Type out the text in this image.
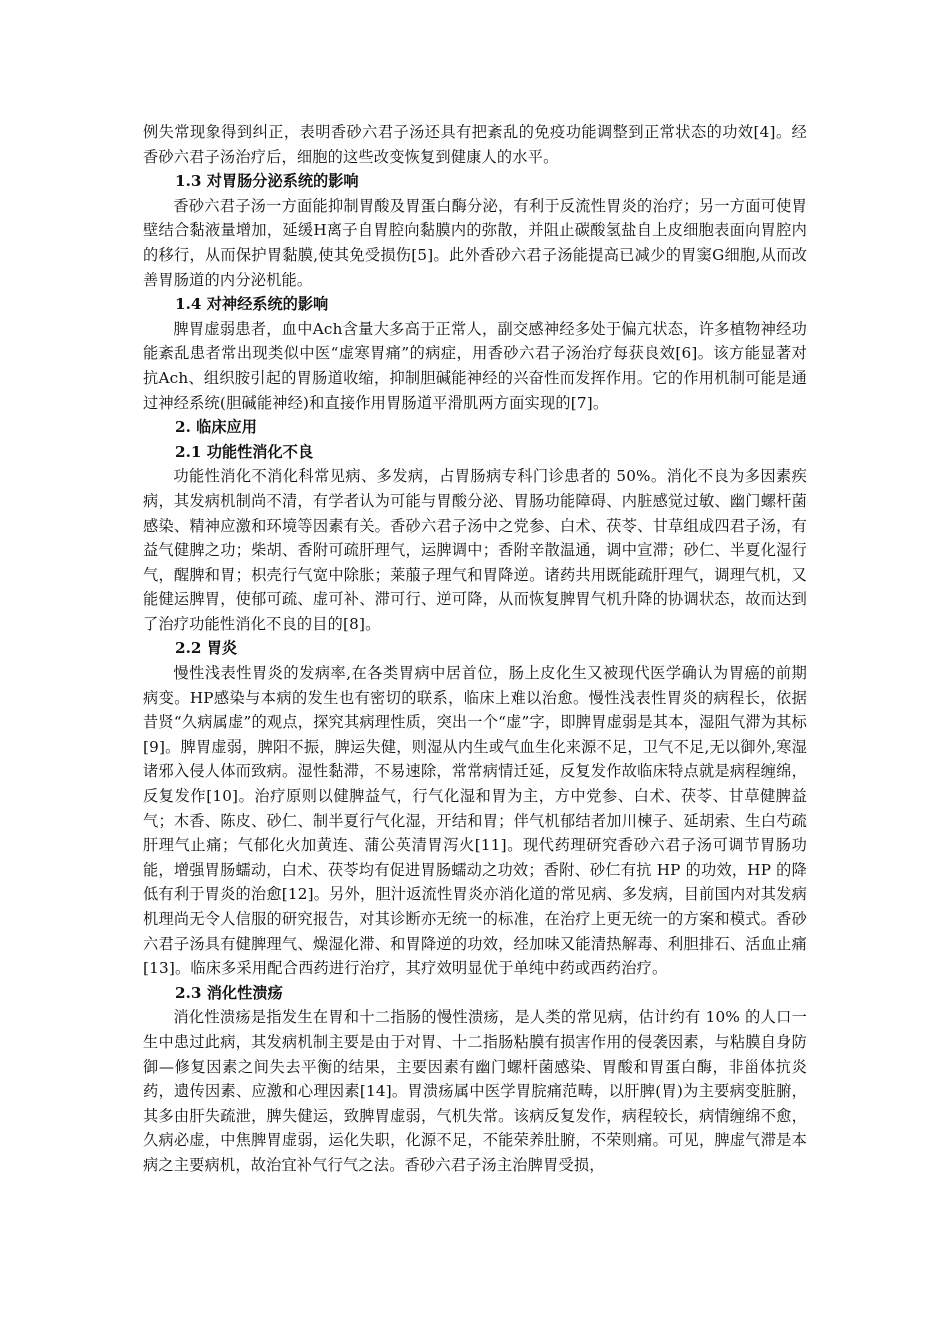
例失常现象得到纠正，表明香砂六君子汤还具有把紊乱的免疫功能调整到正常状态的功效[4]。经香砂六君子汤治疗后，细胞的这些改变恢复到健康人的水平。

1.3 对胃肠分泌系统的影响

香砂六君子汤一方面能抑制胃酸及胃蛋白酶分泌，有利于反流性胃炎的治疗；另一方面可使胃壁结合黏液量增加，延缓H离子自胃腔向黏膜内的弥散，并阻止碳酸氢盐自上皮细胞表面向胃腔内的移行，从而保护胃黏膜,使其免受损伤[5]。此外香砂六君子汤能提高已减少的胃窦G细胞,从而改善胃肠道的内分泌机能。

1.4 对神经系统的影响

脾胃虚弱患者，血中Ach含量大多高于正常人，副交感神经多处于偏亢状态，许多植物神经功能紊乱患者常出现类似中医“虚寒胃痛”的病症，用香砂六君子汤治疗每获良效[6]。该方能显著对抗Ach、组织胺引起的胃肠道收缩，抑制胆碱能神经的兴奋性而发挥作用。它的作用机制可能是通过神经系统(胆碱能神经)和直接作用胃肠道平滑肌两方面实现的[7]。

2. 临床应用

2.1 功能性消化不良

功能性消化不消化科常见病、多发病，占胃肠病专科门诊患者的 50%。消化不良为多因素疾病，其发病机制尚不清，有学者认为可能与胃酸分泌、胃肠功能障碍、内脏感觉过敏、幽门螺杆菌感染、精神应激和环境等因素有关。香砂六君子汤中之党参、白术、茯苓、甘草组成四君子汤，有益气健脾之功；柴胡、香附可疏肝理气，运脾调中；香附辛散温通，调中宣滞；砂仁、半夏化湿行气，醒脾和胃；枳壳行气宽中除胀；莱菔子理气和胃降逆。诸药共用既能疏肝理气，调理气机，又能健运脾胃，使郁可疏、虚可补、滞可行、逆可降，从而恢复脾胃气机升降的协调状态，故而达到了治疗功能性消化不良的目的[8]。

2.2 胃炎

慢性浅表性胃炎的发病率,在各类胃病中居首位，肠上皮化生又被现代医学确认为胃癌的前期病变。HP感染与本病的发生也有密切的联系，临床上难以治愈。慢性浅表性胃炎的病程长，依据昔贤“久病属虚”的观点，探究其病理性质，突出一个“虚”字，即脾胃虚弱是其本，湿阻气滞为其标[9]。脾胃虚弱，脾阳不振，脾运失健，则湿从内生或气血生化来源不足，卫气不足,无以御外,寒湿诸邪入侵人体而致病。湿性黏滞，不易速除，常常病情迁延，反复发作故临床特点就是病程缠绵，反复发作[10]。治疗原则以健脾益气，行气化湿和胃为主，方中党参、白术、茯苓、甘草健脾益气；木香、陈皮、砂仁、制半夏行气化湿，开结和胃；伴气机郁结者加川楝子、延胡索、生白芍疏肝理气止痛；气郁化火加黄连、蒲公英清胃泻火[11]。现代药理研究香砂六君子汤可调节胃肠功能，增强胃肠蠕动，白术、茯苓均有促进胃肠蠕动之功效；香附、砂仁有抗 HP 的功效，HP 的降低有利于胃炎的治愈[12]。另外，胆汁返流性胃炎亦消化道的常见病、多发病，目前国内对其发病机理尚无令人信服的研究报告，对其诊断亦无统一的标准，在治疗上更无统一的方案和模式。香砂六君子汤具有健脾理气、燥湿化滞、和胃降逆的功效，经加味又能清热解毒、利胆排石、活血止痛[13]。临床多采用配合西药进行治疗，其疗效明显优于单纯中药或西药治疗。

2.3 消化性溃疡

消化性溃疡是指发生在胃和十二指肠的慢性溃疡，是人类的常见病，估计约有 10% 的人口一生中患过此病，其发病机制主要是由于对胃、十二指肠粘膜有损害作用的侵袭因素，与粘膜自身防御—修复因素之间失去平衡的结果，主要因素有幽门螺杆菌感染、胃酸和胃蛋白酶，非甾体抗炎药，遗传因素、应激和心理因素[14]。胃溃疡属中医学胃脘痛范畴，以肝脾(胃)为主要病变脏腑，其多由肝失疏泄，脾失健运，致脾胃虚弱，气机失常。该病反复发作，病程较长，病情缠绵不愈，久病必虚，中焦脾胃虚弱，运化失职，化源不足，不能荣养肚腑，不荣则痛。可见，脾虚气滞是本病之主要病机，故治宜补气行气之法。香砂六君子汤主治脾胃受损，
